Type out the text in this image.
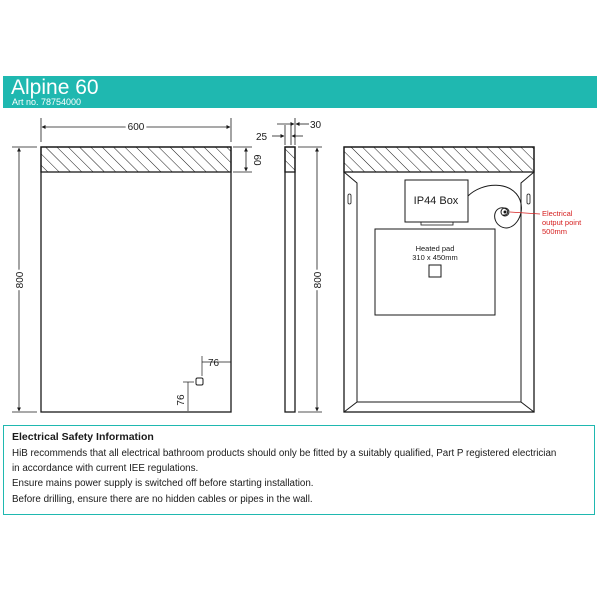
Alpine 60
Art no. 78754000
600
800
60
76
76
25
30
800
IP44 Box
Heated pad
310 x 450mm
Electrical
output point
500mm
Electrical Safety Information
HiB recommends that all electrical bathroom products should only be fitted by a suitably qualified, Part P registered electrician
in accordance with current IEE regulations.
Ensure mains power supply is switched off before starting installation.
Before drilling, ensure there are no hidden cables or pipes in the wall.
